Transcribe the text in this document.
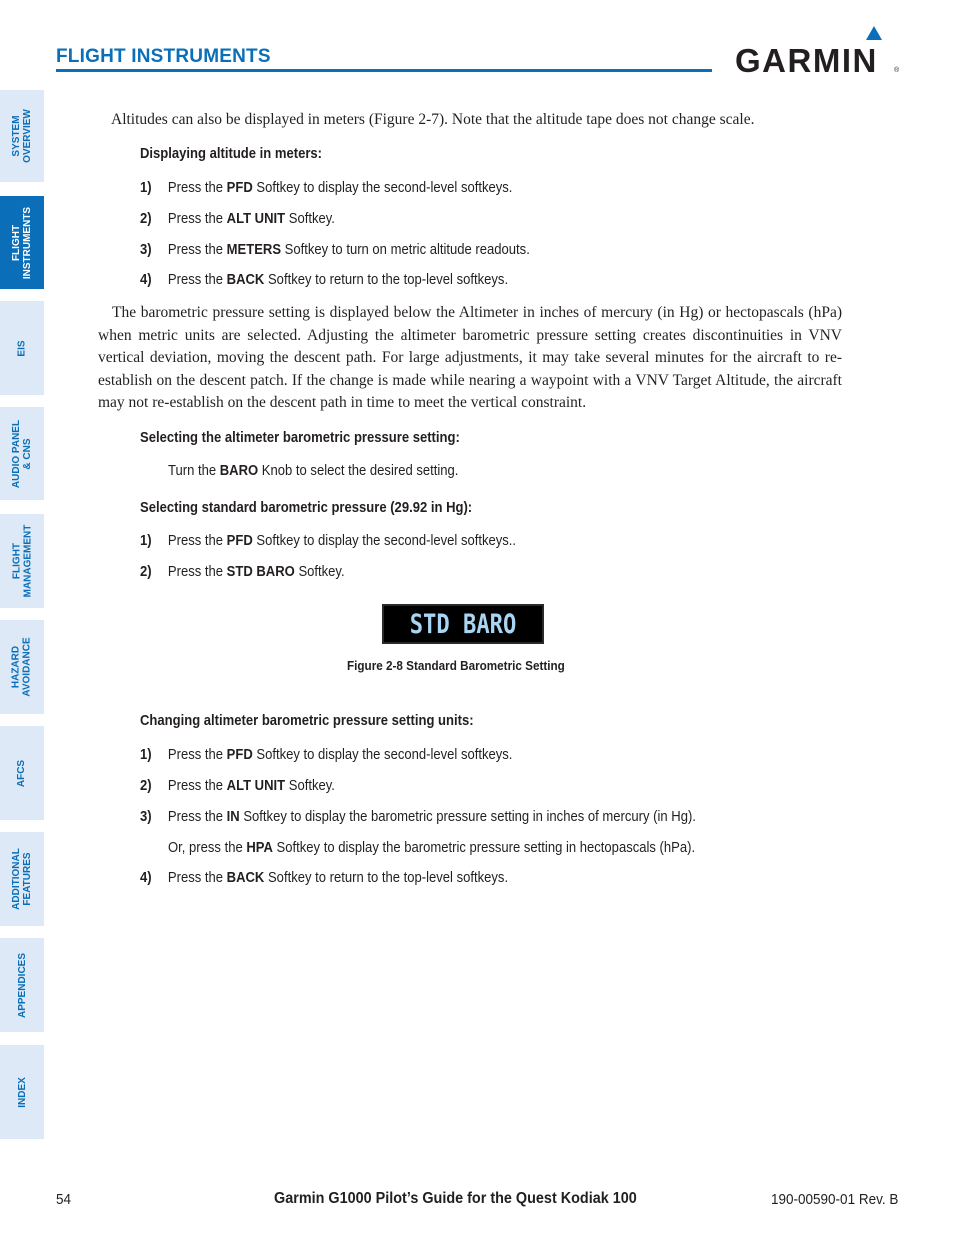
FLIGHT INSTRUMENTS	GARMIN ®
SYSTEM
OVERVIEW
FLIGHT
INSTRUMENTS
EIS
AUDIO PANEL
& CNS
FLIGHT
MANAGEMENT
HAZARD
AVOIDANCE
AFCS
ADDITIONAL
FEATURES
APPENDICES
INDEX
Altitudes can also be displayed in meters (Figure 2-7). Note that the altitude tape does not change scale.
Displaying altitude in meters:
1) Press the PFD Softkey to display the second-level softkeys.
2) Press the ALT UNIT Softkey.
3) Press the METERS Softkey to turn on metric altitude readouts.
4) Press the BACK Softkey to return to the top-level softkeys.
The barometric pressure setting is displayed below the Altimeter in inches of mercury (in Hg) or hectopascals (hPa) when metric units are selected. Adjusting the altimeter barometric pressure setting creates discontinuities in VNV vertical deviation, moving the descent path. For large adjustments, it may take several minutes for the aircraft to re-establish on the descent patch. If the change is made while nearing a waypoint with a VNV Target Altitude, the aircraft may not re-establish on the descent path in time to meet the vertical constraint.
Selecting the altimeter barometric pressure setting:
Turn the BARO Knob to select the desired setting.
Selecting standard barometric pressure (29.92 in Hg):
1) Press the PFD Softkey to display the second-level softkeys..
2) Press the STD BARO Softkey.
STD BARO
Figure 2-8 Standard Barometric Setting
Changing altimeter barometric pressure setting units:
1) Press the PFD Softkey to display the second-level softkeys.
2) Press the ALT UNIT Softkey.
3) Press the IN Softkey to display the barometric pressure setting in inches of mercury (in Hg).
Or, press the HPA Softkey to display the barometric pressure setting in hectopascals (hPa).
4) Press the BACK Softkey to return to the top-level softkeys.
54	Garmin G1000 Pilot’s Guide for the Quest Kodiak 100	190-00590-01 Rev. B
